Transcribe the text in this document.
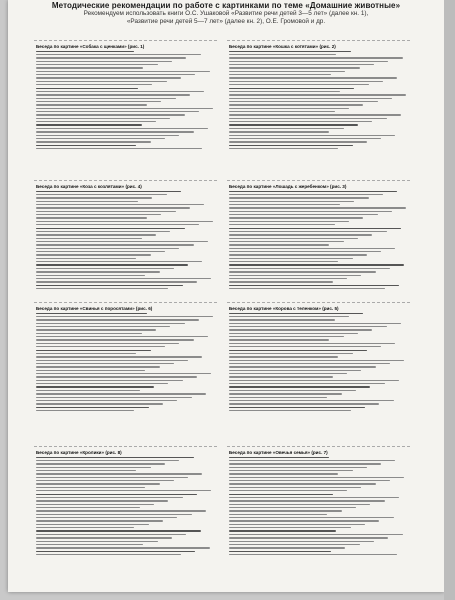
Методические рекомендации по работе с картинками по теме «Домашние животные»
Рекомендуем использовать книги О.С. Ушаковой «Развитие речи детей 3—5 лет» (далее кн. 1),
«Развитие речи детей 5—7 лет» (далее кн. 2), О.Е. Громовой и др.
Беседа по картине «Собака с щенками» (рис. 1)	Беседа по картине «Кошка с котятами» (рис. 2)
Беседа по картине «Коза с козлятами» (рис. 4)	Беседа по картине «Лошадь с жеребенком» (рис. 3)
Беседа по картине «Свинья с поросятами» (рис. 6)	Беседа по картине «Корова с теленком» (рис. 5)
Беседа по картине «Кролики» (рис. 8)	Беседа по картине «Овечья семья» (рис. 7)
